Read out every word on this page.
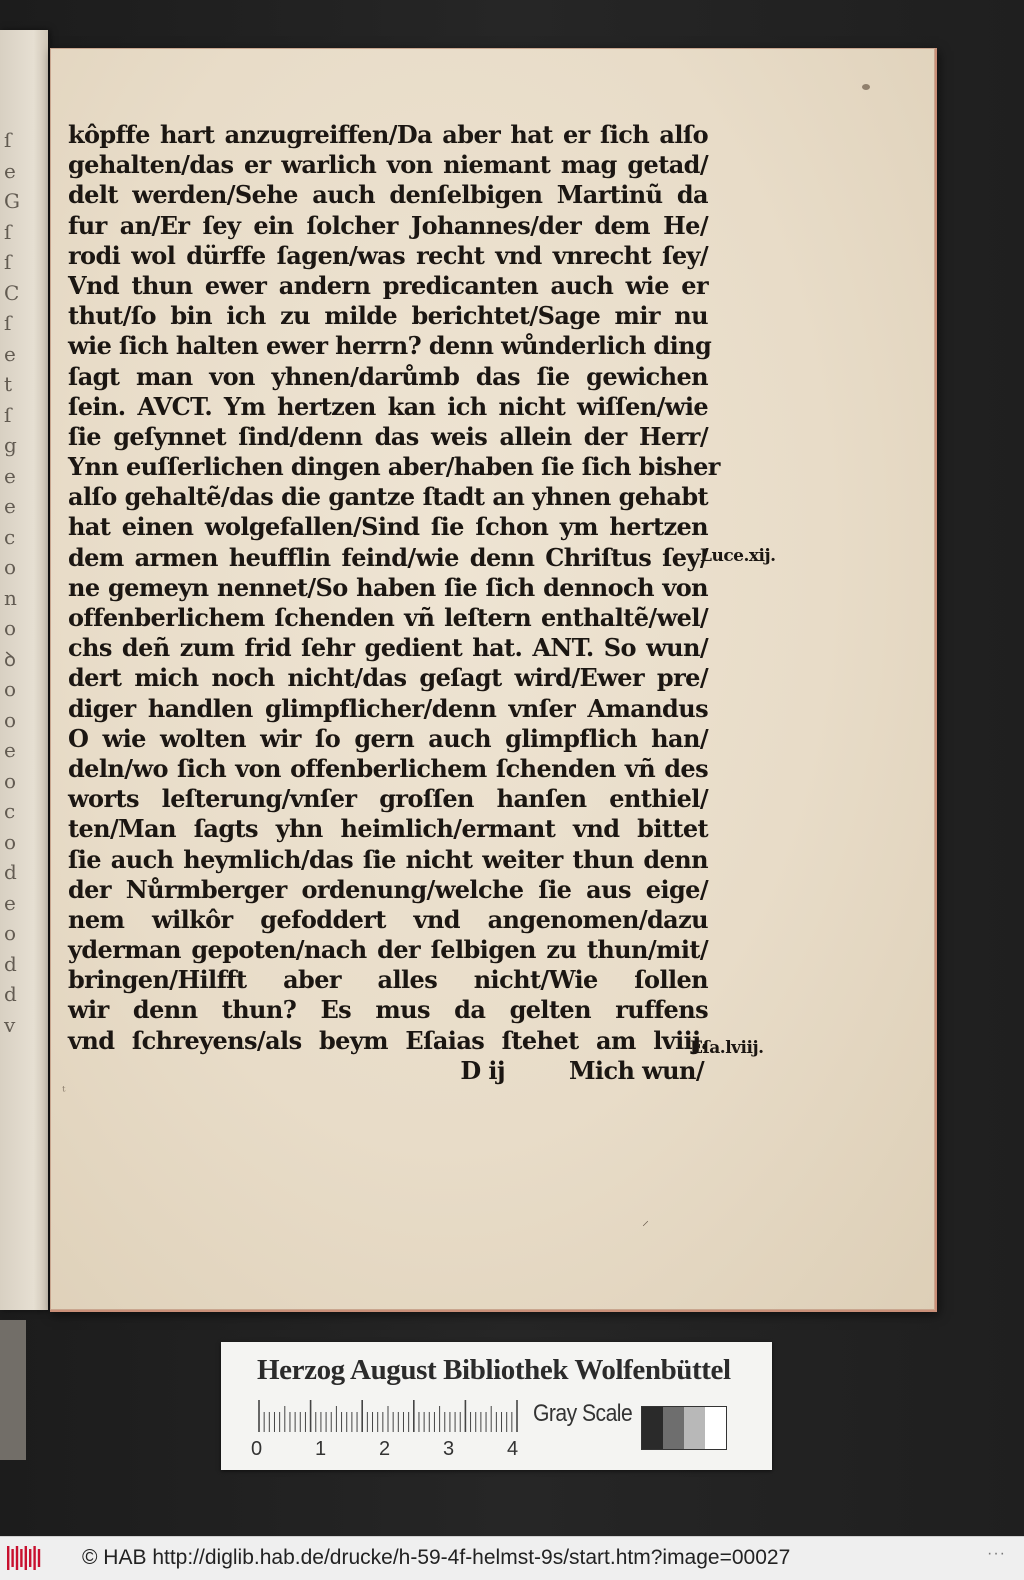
ſ
e
G
ſ
ſ
C
ſ
e
t
ſ
g
e
e
c
o
n
o
ꝺ
o
o
e
o
c
o
d
e
o
d
d
v
kôpffe hart anzugreiffen/Da aber hat er ſich alſo
gehalten/das er warlich von niemant mag getad/
delt werden/Sehe auch denſelbigen Martinũ da
fur an/Er ſey ein ſolcher Johannes/der dem He/
rodi wol dürffe ſagen/was recht vnd vnrecht ſey/
Vnd thun ewer andern predicanten auch wie er
thut/ſo bin ich zu milde berichtet/Sage mir nu
wie ſich halten ewer herrn? denn wůnderlich ding
ſagt man von yhnen/darůmb das ſie gewichen
ſein. AVCT. Ym hertzen kan ich nicht wiſſen/wie
ſie geſynnet ſind/denn das weis allein der Herr/
Ynn euſſerlichen dingen aber/haben ſie ſich bisher
alſo gehaltẽ/das die gantze ſtadt an yhnen gehabt
hat einen wolgefallen/Sind ſie ſchon ym hertzen
dem armen heufflin feind/wie denn Chriſtus ſey/
ne gemeyn nennet/So haben ſie ſich dennoch von
offenberlichem ſchenden vñ leſtern enthaltẽ/wel/
chs deñ zum frid ſehr gedient hat. ANT. So wun/
dert mich noch nicht/das geſagt wird/Ewer pre/
diger handlen glimpflicher/denn vnſer Amandus
O wie wolten wir ſo gern auch glimpflich han/
deln/wo ſich von offenberlichem ſchenden vñ des
worts leſterung/vnſer groſſen hanſen enthiel/
ten/Man ſagts yhn heimlich/ermant vnd bittet
ſie auch heymlich/das ſie nicht weiter thun denn
der Nůrmberger ordenung/welche ſie aus eige/
nem wilkôr gefoddert vnd angenomen/dazu
yderman gepoten/nach der ſelbigen zu thun/mit/
bringen/Hilfft aber alles nicht/Wie ſollen
wir denn thun? Es mus da gelten ruffens
vnd ſchreyens/als beym Eſaias ſtehet am lviij.
D ij	Mich wun/
Luce.xij.
Eſa.lviij.
⸝
ᵗ
Herzog August Bibliothek Wolfenbüttel
0	1	2	3	4
Gray Scale
© HAB http://diglib.hab.de/drucke/h-59-4f-helmst-9s/start.htm?image=00027	···
